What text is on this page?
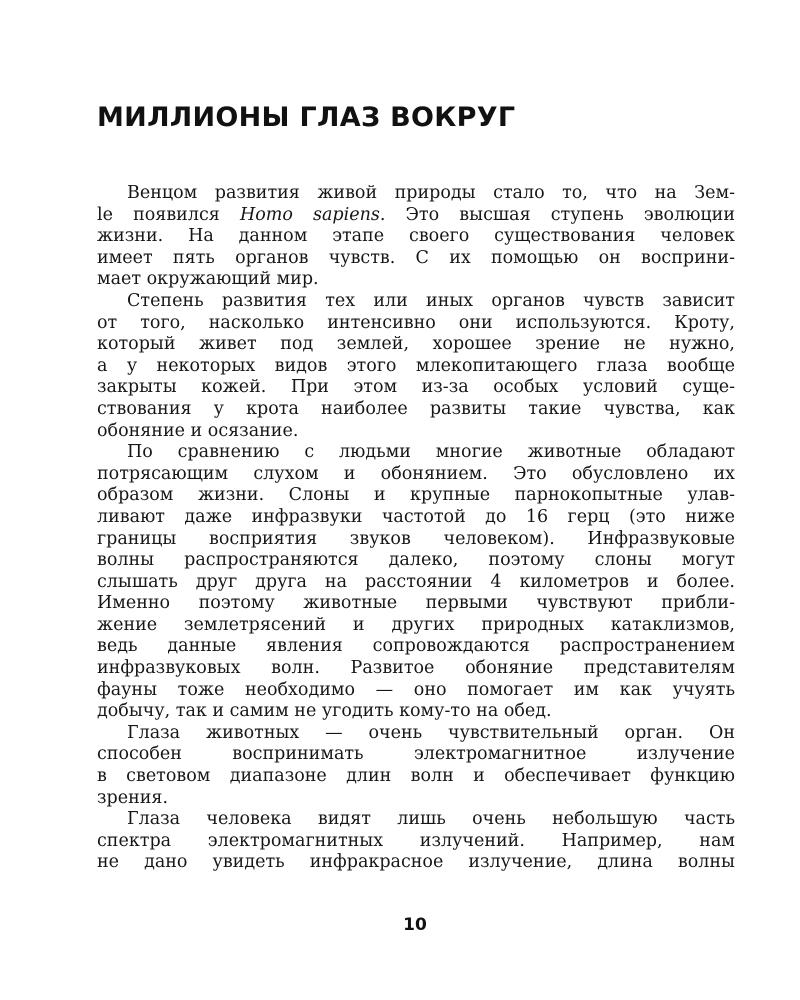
МИЛЛИОНЫ ГЛАЗ ВОКРУГ
Венцом развития живой природы стало то, что на Зем-
le появился Homo sapiens. Это высшая ступень эволюции
жизни. На данном этапе своего существования человек
имеет пять органов чувств. С их помощью он восприни-
мает окружающий мир.
Степень развития тех или иных органов чувств зависит
от того, насколько интенсивно они используются. Кроту,
который живет под землей, хорошее зрение не нужно,
а у некоторых видов этого млекопитающего глаза вообще
закрыты кожей. При этом из-за особых условий суще-
ствования у крота наиболее развиты такие чувства, как
обоняние и осязание.
По сравнению с людьми многие животные обладают
потрясающим слухом и обонянием. Это обусловлено их
образом жизни. Слоны и крупные парнокопытные улав-
ливают даже инфразвуки частотой до 16 герц (это ниже
границы восприятия звуков человеком). Инфразвуковые
волны распространяются далеко, поэтому слоны могут
слышать друг друга на расстоянии 4 километров и более.
Именно поэтому животные первыми чувствуют прибли-
жение землетрясений и других природных катаклизмов,
ведь данные явления сопровождаются распространением
инфразвуковых волн. Развитое обоняние представителям
фауны тоже необходимо — оно помогает им как учуять
добычу, так и самим не угодить кому-то на обед.
Глаза животных — очень чувствительный орган. Он
способен воспринимать электромагнитное излучение
в световом диапазоне длин волн и обеспечивает функцию
зрения.
Глаза человека видят лишь очень небольшую часть
спектра электромагнитных излучений. Например, нам
не дано увидеть инфракрасное излучение, длина волны
10
